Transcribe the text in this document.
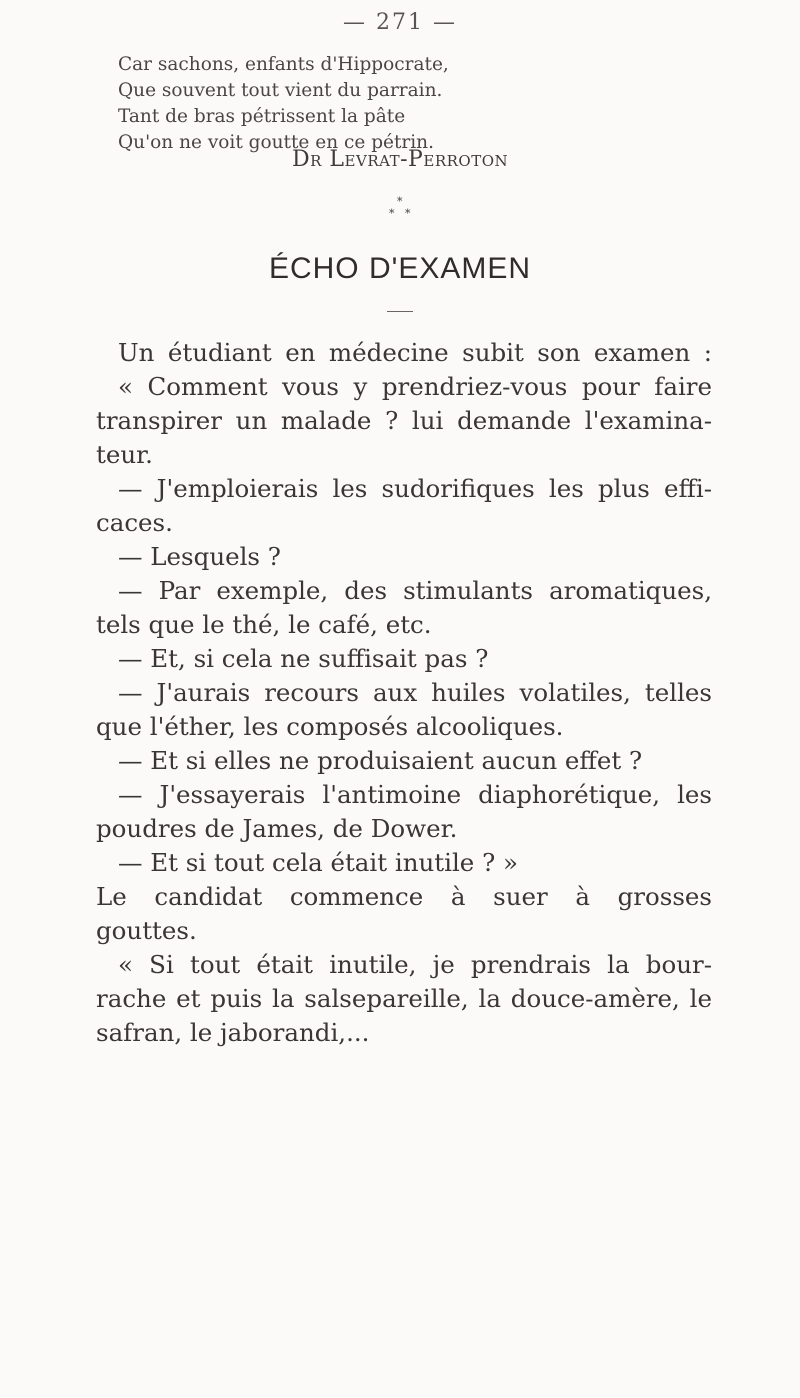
— 271 —
Car sachons, enfants d'Hippocrate,
Que souvent tout vient du parrain.
Tant de bras pétrissent la pâte
Qu'on ne voit goutte en ce pétrin.
Dr Levrat-Perroton
*
* *
ÉCHO D'EXAMEN
Un étudiant en médecine subit son examen :
« Comment vous y prendriez-vous pour faire
transpirer un malade ? lui demande l'examina-
teur.
— J'emploierais les sudorifiques les plus effi-
caces.
— Lesquels ?
— Par exemple, des stimulants aromatiques,
tels que le thé, le café, etc.
— Et, si cela ne suffisait pas ?
— J'aurais recours aux huiles volatiles, telles
que l'éther, les composés alcooliques.
— Et si elles ne produisaient aucun effet ?
— J'essayerais l'antimoine diaphorétique, les
poudres de James, de Dower.
— Et si tout cela était inutile ? »
Le candidat commence à suer à grosses
gouttes.
« Si tout était inutile, je prendrais la bour-
rache et puis la salsepareille, la douce-amère, le
safran, le jaborandi,...
